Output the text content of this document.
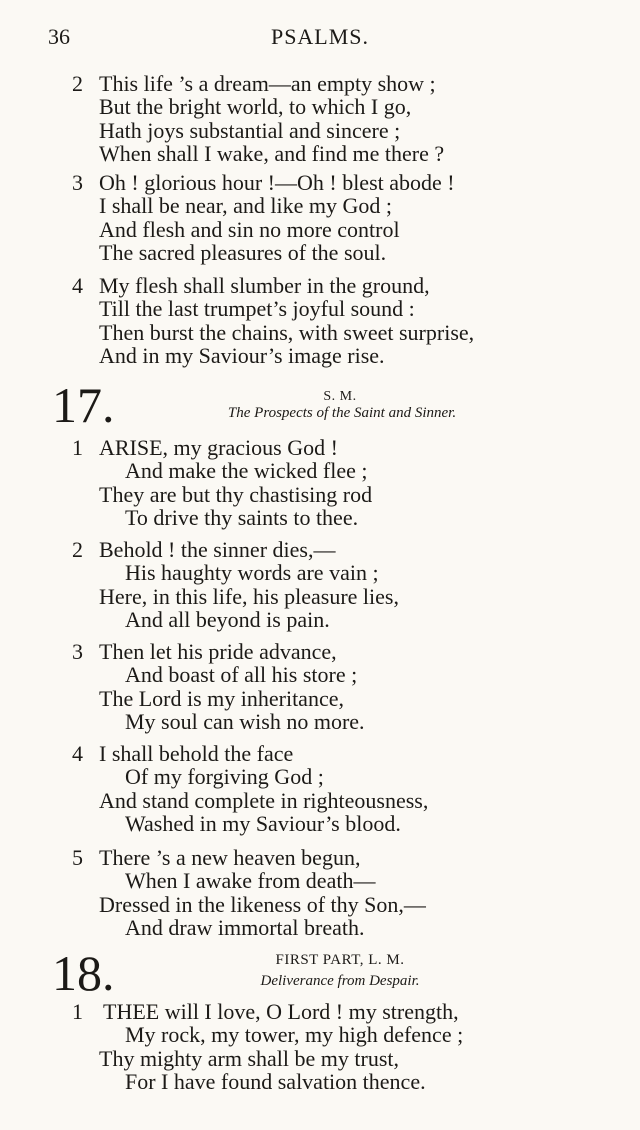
36	PSALMS.
2 This life ’s a dream—an empty show ;
But the bright world, to which I go,
Hath joys substantial and sincere ;
When shall I wake, and find me there ?
3 Oh ! glorious hour !—Oh ! blest abode !
I shall be near, and like my God ;
And flesh and sin no more control
The sacred pleasures of the soul.
4 My flesh shall slumber in the ground,
Till the last trumpet’s joyful sound :
Then burst the chains, with sweet surprise,
And in my Saviour’s image rise.
17.	S. M.
The Prospects of the Saint and Sinner.
1 ARISE, my gracious God !
And make the wicked flee ;
They are but thy chastising rod
To drive thy saints to thee.
2 Behold ! the sinner dies,—
His haughty words are vain ;
Here, in this life, his pleasure lies,
And all beyond is pain.
3 Then let his pride advance,
And boast of all his store ;
The Lord is my inheritance,
My soul can wish no more.
4 I shall behold the face
Of my forgiving God ;
And stand complete in righteousness,
Washed in my Saviour’s blood.
5 There ’s a new heaven begun,
When I awake from death—
Dressed in the likeness of thy Son,—
And draw immortal breath.
18.	FIRST PART, L. M.
Deliverance from Despair.
1 THEE will I love, O Lord ! my strength,
My rock, my tower, my high defence ;
Thy mighty arm shall be my trust,
For I have found salvation thence.
